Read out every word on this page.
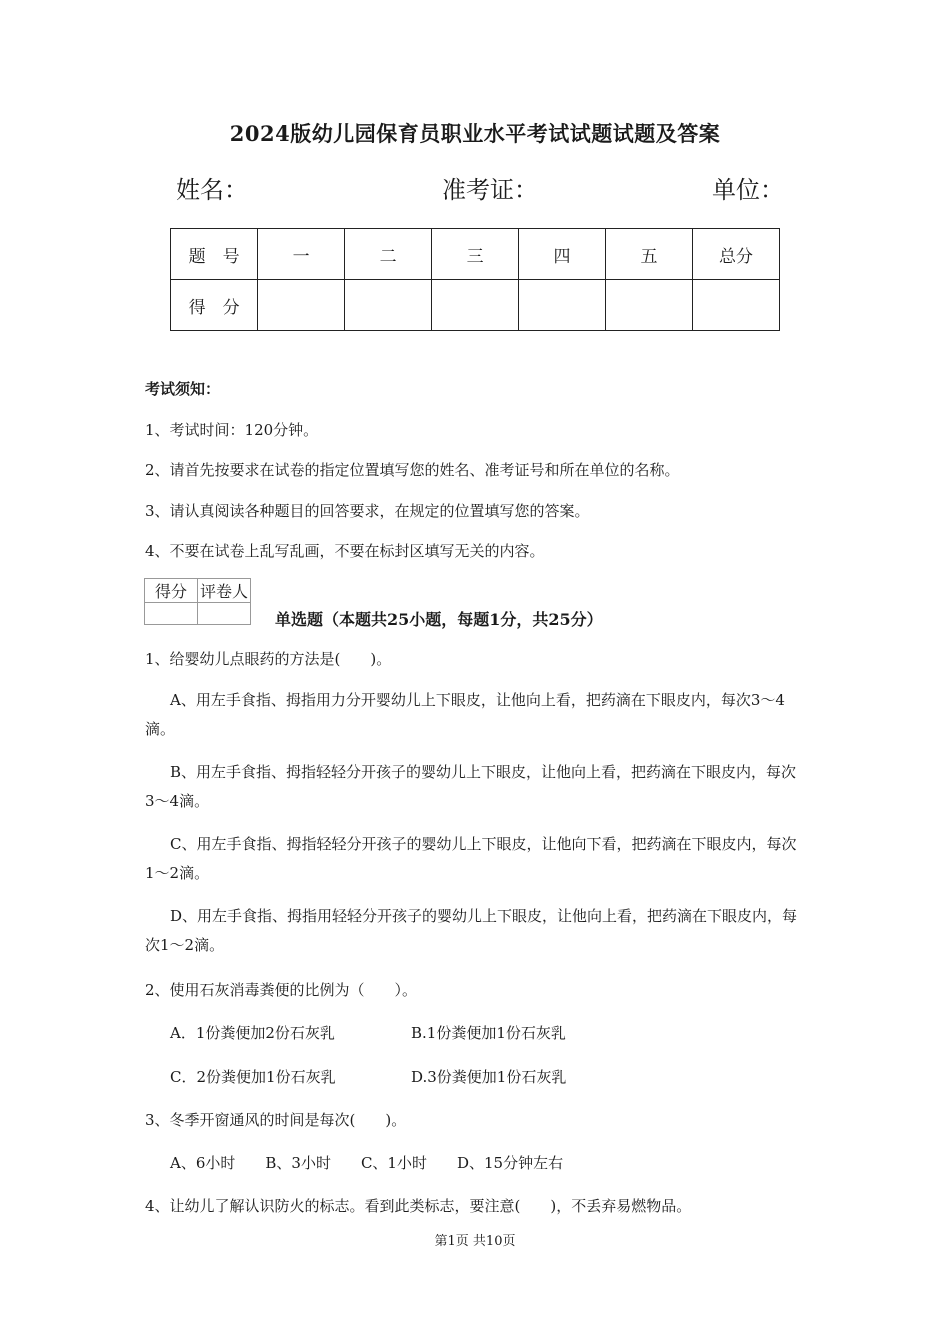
2024版幼儿园保育员职业水平考试试题试题及答案
姓名：	准考证：	单位：
题　号	一	二	三	四	五	总分
得　分						
考试须知：
1、考试时间：120分钟。
2、请首先按要求在试卷的指定位置填写您的姓名、准考证号和所在单位的名称。
3、请认真阅读各种题目的回答要求，在规定的位置填写您的答案。
4、不要在试卷上乱写乱画，不要在标封区填写无关的内容。
得分	评卷人

单选题（本题共25小题，每题1分，共25分）
1、给婴幼儿点眼药的方法是(　　)。
A、用左手食指、拇指用力分开婴幼儿上下眼皮，让他向上看，把药滴在下眼皮内，每次3～4滴。
B、用左手食指、拇指轻轻分开孩子的婴幼儿上下眼皮，让他向上看，把药滴在下眼皮内，每次3～4滴。
C、用左手食指、拇指轻轻分开孩子的婴幼儿上下眼皮，让他向下看，把药滴在下眼皮内，每次1～2滴。
D、用左手食指、拇指用轻轻分开孩子的婴幼儿上下眼皮，让他向上看，把药滴在下眼皮内，每次1～2滴。
2、使用石灰消毒粪便的比例为（　　）。
A．1份粪便加2份石灰乳	B.1份粪便加1份石灰乳
C．2份粪便加1份石灰乳	D.3份粪便加1份石灰乳
3、冬季开窗通风的时间是每次(　　)。
A、6小时　　B、3小时　　C、1小时　　D、15分钟左右
4、让幼儿了解认识防火的标志。看到此类标志，要注意(　　)，不丢弃易燃物品。
第1页 共10页
